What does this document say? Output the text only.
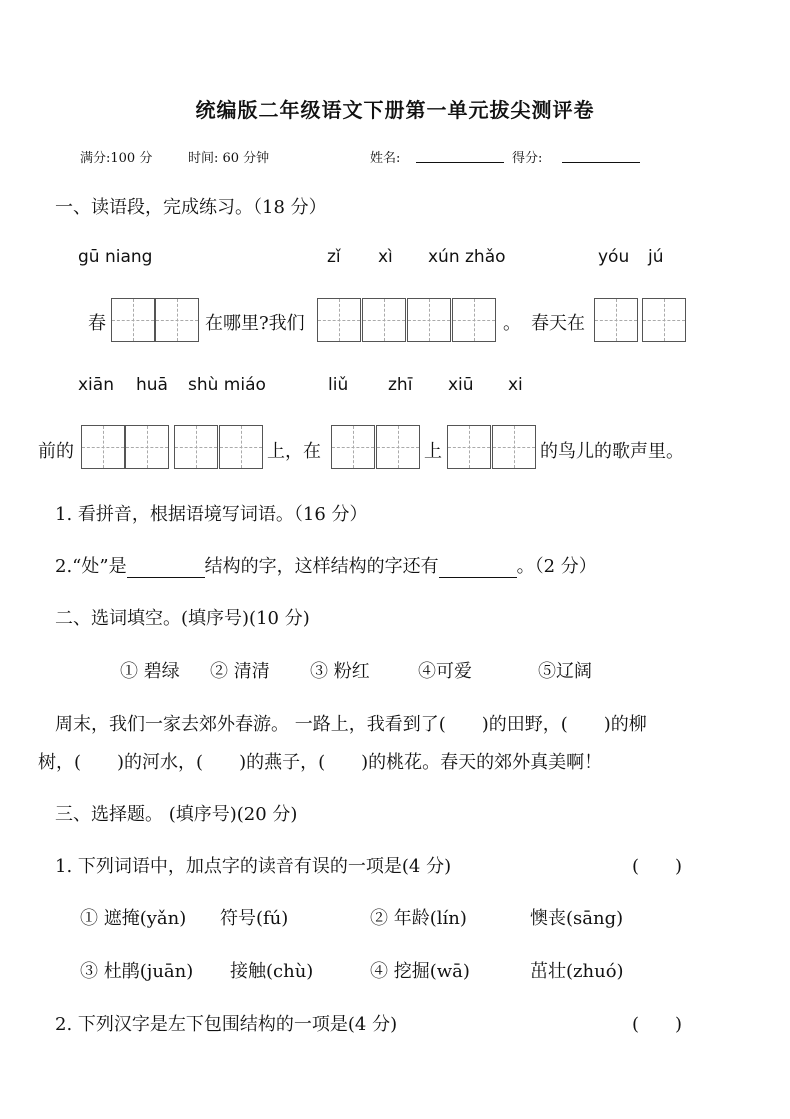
统编版二年级语文下册第一单元拔尖测评卷
满分:100 分	时间: 60 分钟	姓名:	得分:
一、读语段，完成练习。（18 分）
gū niang	zǐ xì xún zhǎo	yóu jú
春	在哪里?我们	。 春天在
xiān huā shù miáo	liǔ zhī xiū xi
前的	上，在	上	的鸟儿的歌声里。
1. 看拼音，根据语境写词语。（16 分）
2.“处”是	结构的字，这样结构的字还有	。（2 分）
二、选词填空。(填序号)(10 分)
① 碧绿 ② 清清 ③ 粉红	④可爱	⑤辽阔
周末，我们一家去郊外春游。 一路上，我看到了(　　)的田野，(　　)的柳
树，(　　)的河水，(　　)的燕子，(　　)的桃花。春天的郊外真美啊！
三、选择题。 (填序号)(20 分)
1. 下列词语中，加点字的读音有误的一项是(4 分)	(　　)
① 遮掩(yǎn) 符号(fú)	② 年龄(lín)	懊丧(sāng)
③ 杜鹃(juān) 接触(chù)	④ 挖掘(wā)	茁壮(zhuó)
2. 下列汉字是左下包围结构的一项是(4 分)	(　　)
